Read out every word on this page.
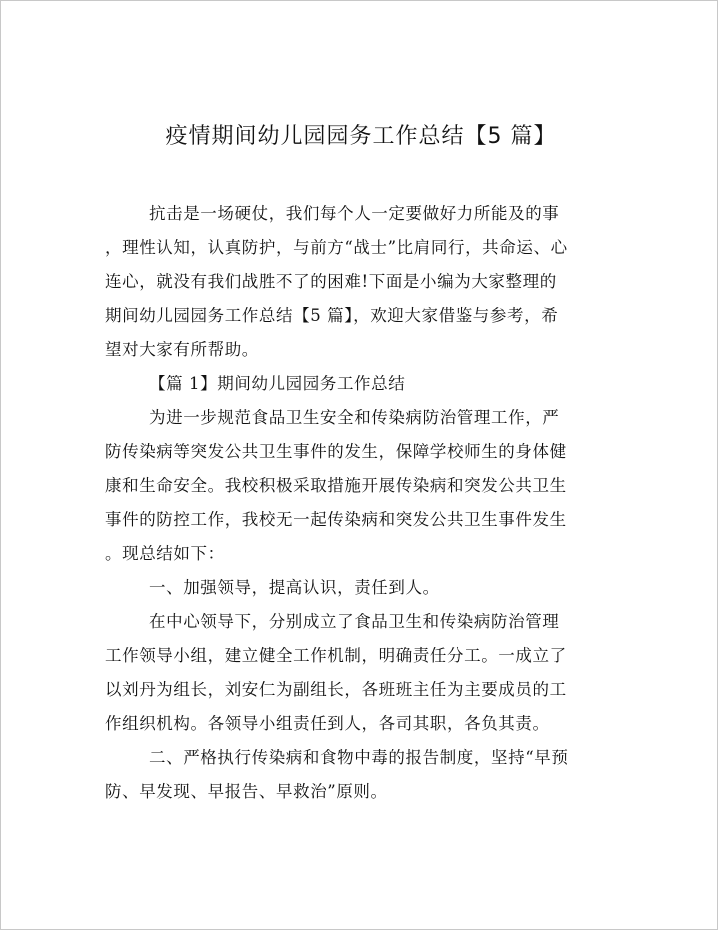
疫情期间幼儿园园务工作总结【5 篇】
抗击是一场硬仗，我们每个人一定要做好力所能及的事
，理性认知，认真防护，与前方“战士”比肩同行，共命运、心
连心，就没有我们战胜不了的困难!下面是小编为大家整理的
期间幼儿园园务工作总结【5 篇】，欢迎大家借鉴与参考，希
望对大家有所帮助。
【篇 1】期间幼儿园园务工作总结
为进一步规范食品卫生安全和传染病防治管理工作，严
防传染病等突发公共卫生事件的发生，保障学校师生的身体健
康和生命安全。我校积极采取措施开展传染病和突发公共卫生
事件的防控工作，我校无一起传染病和突发公共卫生事件发生
。现总结如下：
一、加强领导，提高认识，责任到人。
在中心领导下，分别成立了食品卫生和传染病防治管理
工作领导小组，建立健全工作机制，明确责任分工。一成立了
以刘丹为组长，刘安仁为副组长，各班班主任为主要成员的工
作组织机构。各领导小组责任到人，各司其职，各负其责。
二、严格执行传染病和食物中毒的报告制度，坚持“早预
防、早发现、早报告、早救治”原则。
